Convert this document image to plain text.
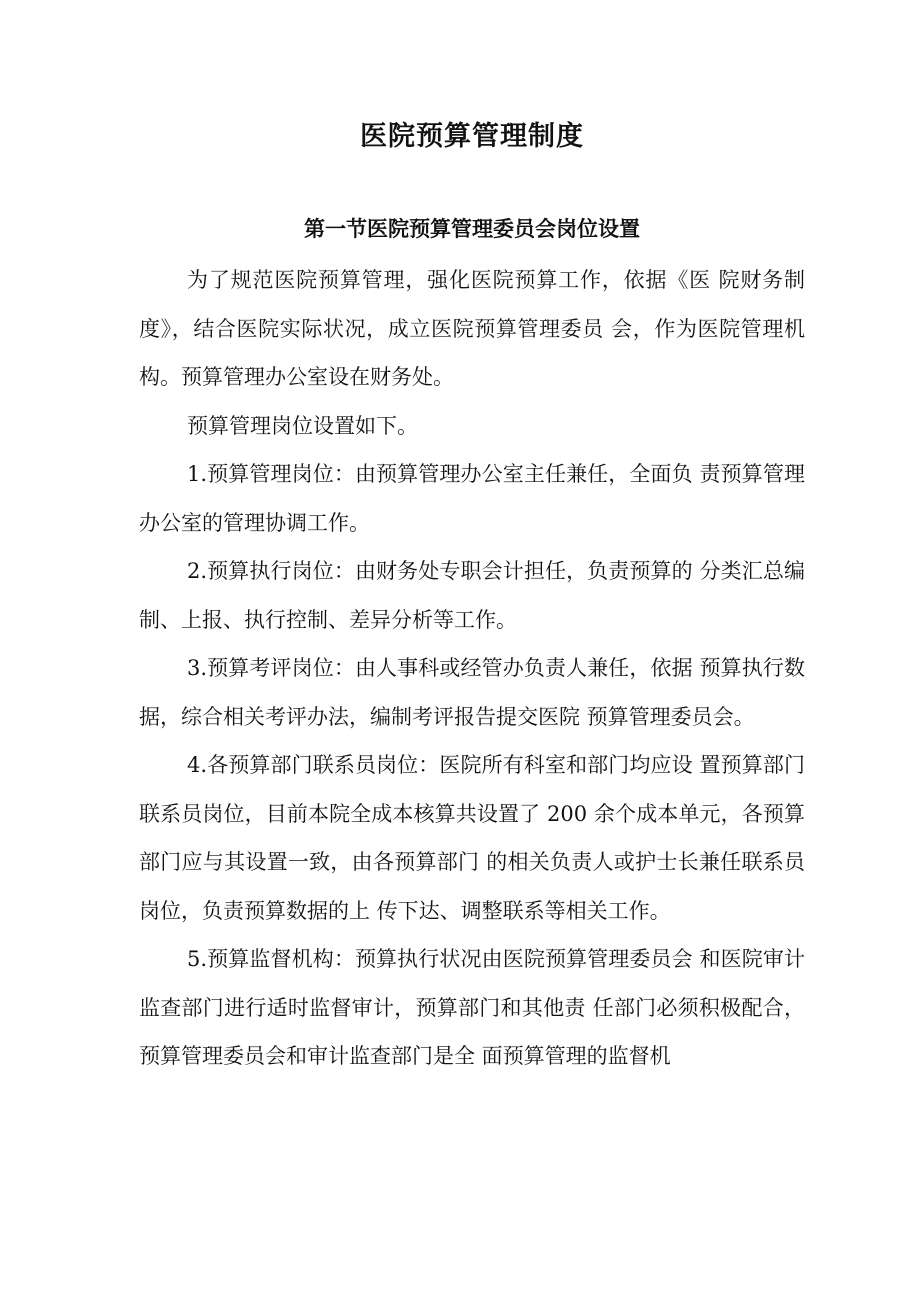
医院预算管理制度
第一节医院预算管理委员会岗位设置

为了规范医院预算管理，强化医院预算工作，依据《医 院财务制度》，结合医院实际状况，成立医院预算管理委员 会，作为医院管理机构。预算管理办公室设在财务处。

预算管理岗位设置如下。

1.预算管理岗位：由预算管理办公室主任兼任，全面负 责预算管理办公室的管理协调工作。

2.预算执行岗位：由财务处专职会计担任，负责预算的 分类汇总编制、上报、执行控制、差异分析等工作。

3.预算考评岗位：由人事科或经管办负责人兼任，依据 预算执行数据，综合相关考评办法，编制考评报告提交医院 预算管理委员会。

4.各预算部门联系员岗位：医院所有科室和部门均应设 置预算部门联系员岗位，目前本院全成本核算共设置了 200 余个成本单元，各预算部门应与其设置一致，由各预算部门 的相关负责人或护士长兼任联系员岗位，负责预算数据的上 传下达、调整联系等相关工作。

5.预算监督机构：预算执行状况由医院预算管理委员会 和医院审计监查部门进行适时监督审计，预算部门和其他责 任部门必须积极配合，预算管理委员会和审计监查部门是全 面预算管理的监督机
